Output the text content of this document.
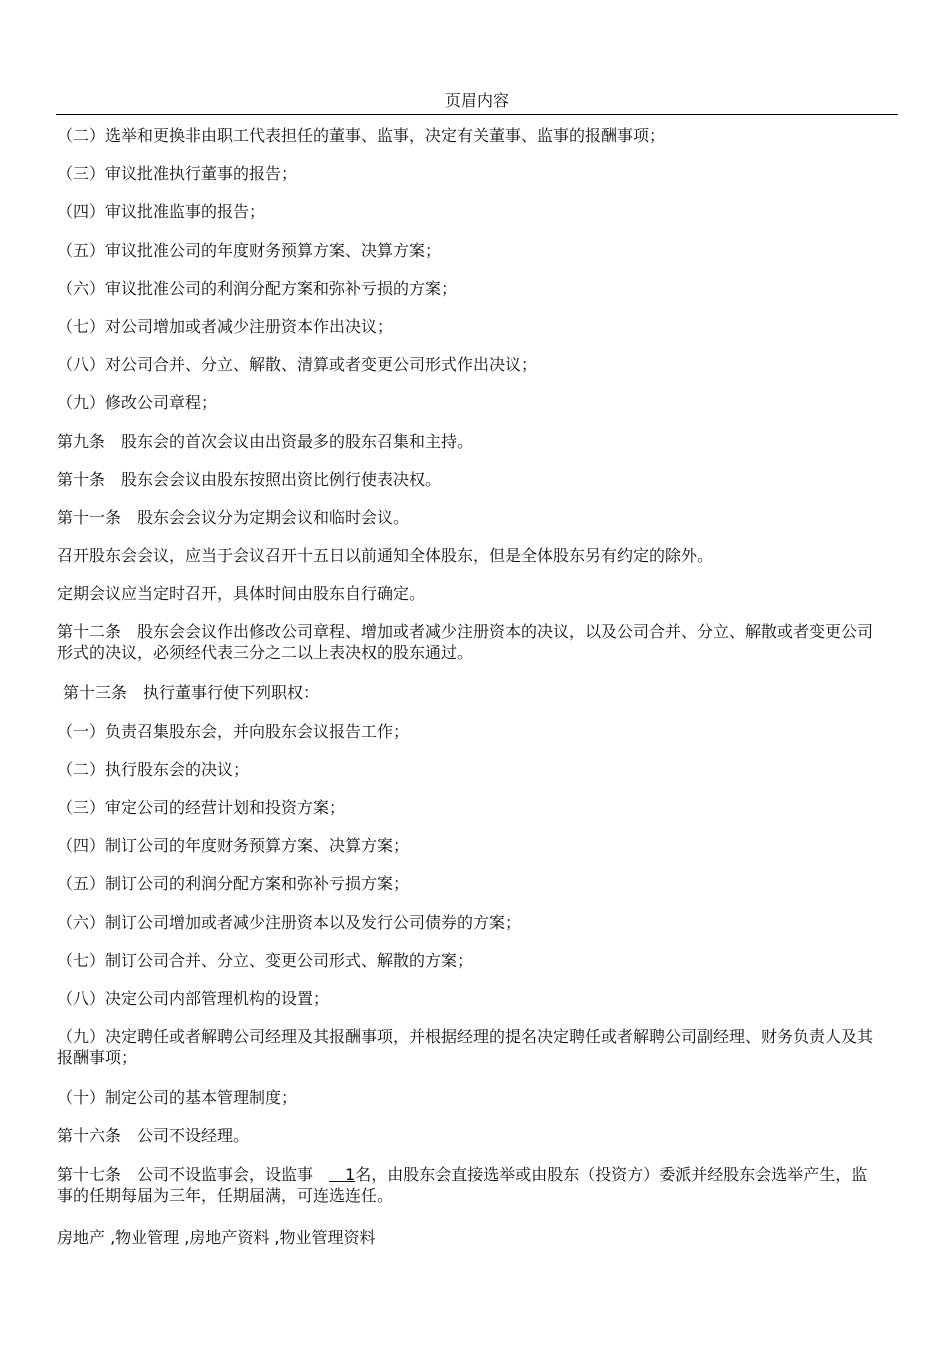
页眉内容

（二）选举和更换非由职工代表担任的董事、监事，决定有关董事、监事的报酬事项；

（三）审议批准执行董事的报告；

（四）审议批准监事的报告；

（五）审议批准公司的年度财务预算方案、决算方案；

（六）审议批准公司的利润分配方案和弥补亏损的方案；

（七）对公司增加或者减少注册资本作出决议；

（八）对公司合并、分立、解散、清算或者变更公司形式作出决议；

（九）修改公司章程；

第九条　股东会的首次会议由出资最多的股东召集和主持。

第十条　股东会会议由股东按照出资比例行使表决权。

第十一条　股东会会议分为定期会议和临时会议。

召开股东会会议，应当于会议召开十五日以前通知全体股东，但是全体股东另有约定的除外。

定期会议应当定时召开，具体时间由股东自行确定。

第十二条　股东会会议作出修改公司章程、增加或者减少注册资本的决议，以及公司合并、分立、解散或者变更公司形式的决议，必须经代表三分之二以上表决权的股东通过。

第十三条　执行董事行使下列职权：

（一）负责召集股东会，并向股东会议报告工作；

（二）执行股东会的决议；

（三）审定公司的经营计划和投资方案；

（四）制订公司的年度财务预算方案、决算方案；

（五）制订公司的利润分配方案和弥补亏损方案；

（六）制订公司增加或者减少注册资本以及发行公司债券的方案；

（七）制订公司合并、分立、变更公司形式、解散的方案；

（八）决定公司内部管理机构的设置；

（九）决定聘任或者解聘公司经理及其报酬事项，并根据经理的提名决定聘任或者解聘公司副经理、财务负责人及其报酬事项；

（十）制定公司的基本管理制度；

第十六条　公司不设经理。

第十七条　公司不设监事会，设监事　　1名，由股东会直接选举或由股东（投资方）委派并经股东会选举产生，监事的任期每届为三年，任期届满，可连选连任。

房地产 ,物业管理 ,房地产资料 ,物业管理资料
